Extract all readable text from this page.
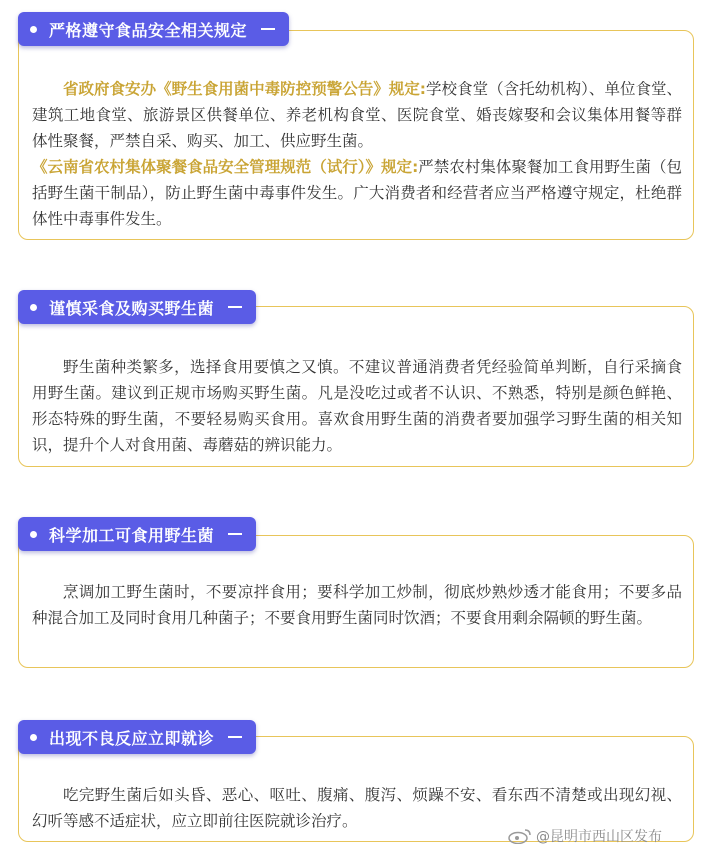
严格遵守食品安全相关规定

省政府食安办《野生食用菌中毒防控预警公告》规定:学校食堂（含托幼机构）、单位食堂、建筑工地食堂、旅游景区供餐单位、养老机构食堂、医院食堂、婚丧嫁娶和会议集体用餐等群体性聚餐，严禁自采、购买、加工、供应野生菌。
《云南省农村集体聚餐食品安全管理规范（试行）》规定:严禁农村集体聚餐加工食用野生菌（包括野生菌干制品），防止野生菌中毒事件发生。广大消费者和经营者应当严格遵守规定，杜绝群体性中毒事件发生。

谨慎采食及购买野生菌

野生菌种类繁多，选择食用要慎之又慎。不建议普通消费者凭经验简单判断，自行采摘食用野生菌。建议到正规市场购买野生菌。凡是没吃过或者不认识、不熟悉，特别是颜色鲜艳、形态特殊的野生菌，不要轻易购买食用。喜欢食用野生菌的消费者要加强学习野生菌的相关知识，提升个人对食用菌、毒蘑菇的辨识能力。

科学加工可食用野生菌

烹调加工野生菌时，不要凉拌食用；要科学加工炒制，彻底炒熟炒透才能食用；不要多品种混合加工及同时食用几种菌子；不要食用野生菌同时饮酒；不要食用剩余隔顿的野生菌。

出现不良反应立即就诊

吃完野生菌后如头昏、恶心、呕吐、腹痛、腹泻、烦躁不安、看东西不清楚或出现幻视、幻听等感不适症状，应立即前往医院就诊治疗。

@昆明市西山区发布
